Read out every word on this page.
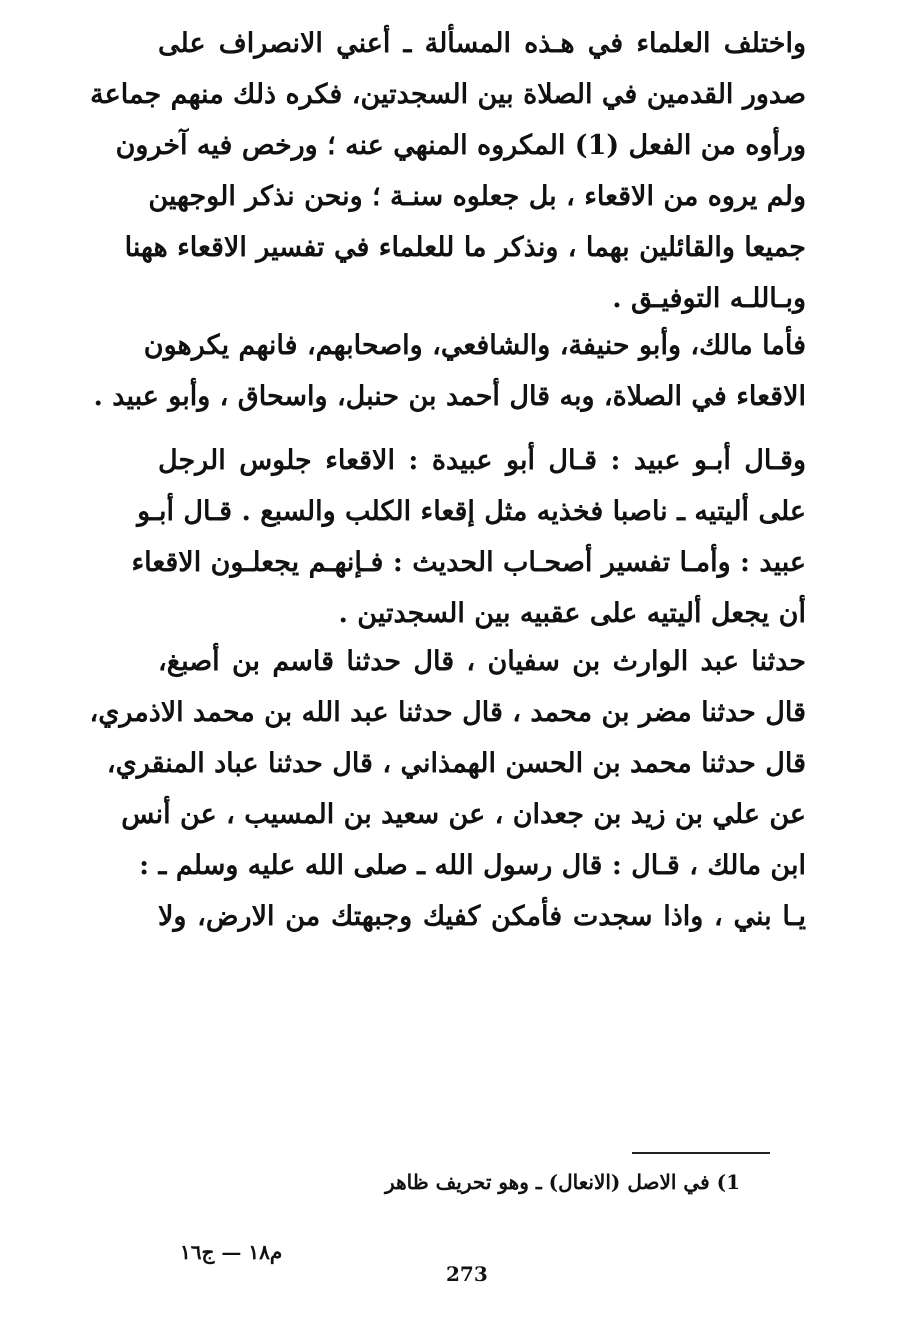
واختلف العلماء في هـذه المسألة ـ أعني الانصراف على
صدور القدمين في الصلاة بين السجدتين، فكره ذلك منهم جماعة
ورأوه من الفعل (1) المكروه المنهي عنه ؛ ورخص فيه آخرون
ولم يروه من الاقعاء ، بل جعلوه سنـة ؛ ونحن نذكر الوجهين
جميعا والقائلين بهما ، ونذكر ما للعلماء في تفسير الاقعاء ههنا
وبـاللـه التوفيـق .
فأما مالك، وأبو حنيفة، والشافعي، واصحابهم، فانهم يكرهون
الاقعاء في الصلاة، وبه قال أحمد بن حنبل، واسحاق ، وأبو عبيد .
وقـال أبـو عبيد : قـال أبو عبيدة : الاقعاء جلوس الرجل
على أليتيه ـ ناصبا فخذيه مثل إقعاء الكلب والسبع . قـال أبـو
عبيد : وأمـا تفسير أصحـاب الحديث : فـإنهـم يجعلـون الاقعاء
أن يجعل أليتيه على عقبيه بين السجدتين .
حدثنا عبد الوارث بن سفيان ، قال حدثنا قاسم بن أصبغ،
قال حدثنا مضر بن محمد ، قال حدثنا عبد الله بن محمد الاذمري،
قال حدثنا محمد بن الحسن الهمذاني ، قال حدثنا عباد المنقري،
عن علي بن زيد بن جعدان ، عن سعيد بن المسيب ، عن أنس
ابن مالك ، قـال : قال رسول الله ـ صلى الله عليه وسلم ـ :
يـا بني ، واذا سجدت فأمكن كفيك وجبهتك من الارض، ولا
1) في الاصل (الانعال) ـ وهو تحريف ظاهر
م١٨ — ج١٦
273
